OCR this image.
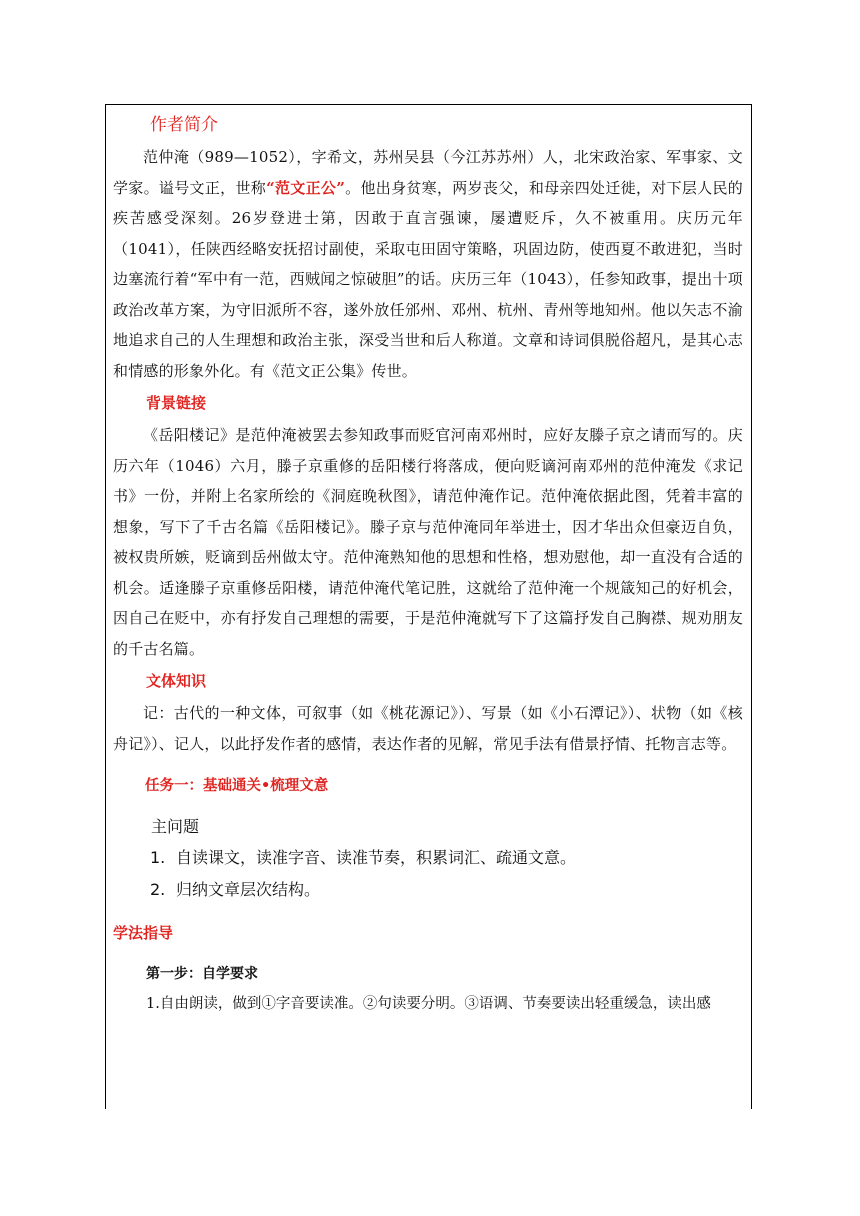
作者简介

范仲淹（989—1052），字希文，苏州吴县（今江苏苏州）人，北宋政治家、军事家、文学家。谥号文正，世称“范文正公”。他出身贫寒，两岁丧父，和母亲四处迁徙，对下层人民的疾苦感受深刻。26岁登进士第，因敢于直言强谏，屡遭贬斥，久不被重用。庆历元年（1041），任陕西经略安抚招讨副使，采取屯田固守策略，巩固边防，使西夏不敢进犯，当时边塞流行着“军中有一范，西贼闻之惊破胆”的话。庆历三年（1043），任参知政事，提出十项政治改革方案，为守旧派所不容，遂外放任邠州、邓州、杭州、青州等地知州。他以矢志不渝地追求自己的人生理想和政治主张，深受当世和后人称道。文章和诗词俱脱俗超凡，是其心志和情感的形象外化。有《范文正公集》传世。

背景链接

《岳阳楼记》是范仲淹被罢去参知政事而贬官河南邓州时，应好友滕子京之请而写的。庆历六年（1046）六月，滕子京重修的岳阳楼行将落成，便向贬谪河南邓州的范仲淹发《求记书》一份，并附上名家所绘的《洞庭晚秋图》，请范仲淹作记。范仲淹依据此图，凭着丰富的想象，写下了千古名篇《岳阳楼记》。滕子京与范仲淹同年举进士，因才华出众但豪迈自负，被权贵所嫉，贬谪到岳州做太守。范仲淹熟知他的思想和性格，想劝慰他，却一直没有合适的机会。适逢滕子京重修岳阳楼，请范仲淹代笔记胜，这就给了范仲淹一个规箴知己的好机会，因自己在贬中，亦有抒发自己理想的需要，于是范仲淹就写下了这篇抒发自己胸襟、规劝朋友的千古名篇。

文体知识

记：古代的一种文体，可叙事（如《桃花源记》）、写景（如《小石潭记》）、状物（如《核舟记》）、记人，以此抒发作者的感情，表达作者的见解，常见手法有借景抒情、托物言志等。

任务一：基础通关•梳理文意
主问题
1. 自读课文，读准字音、读准节奏，积累词汇、疏通文意。
2. 归纳文章层次结构。
学法指导
第一步：自学要求
1.自由朗读，做到①字音要读准。②句读要分明。③语调、节奏要读出轻重缓急，读出感
